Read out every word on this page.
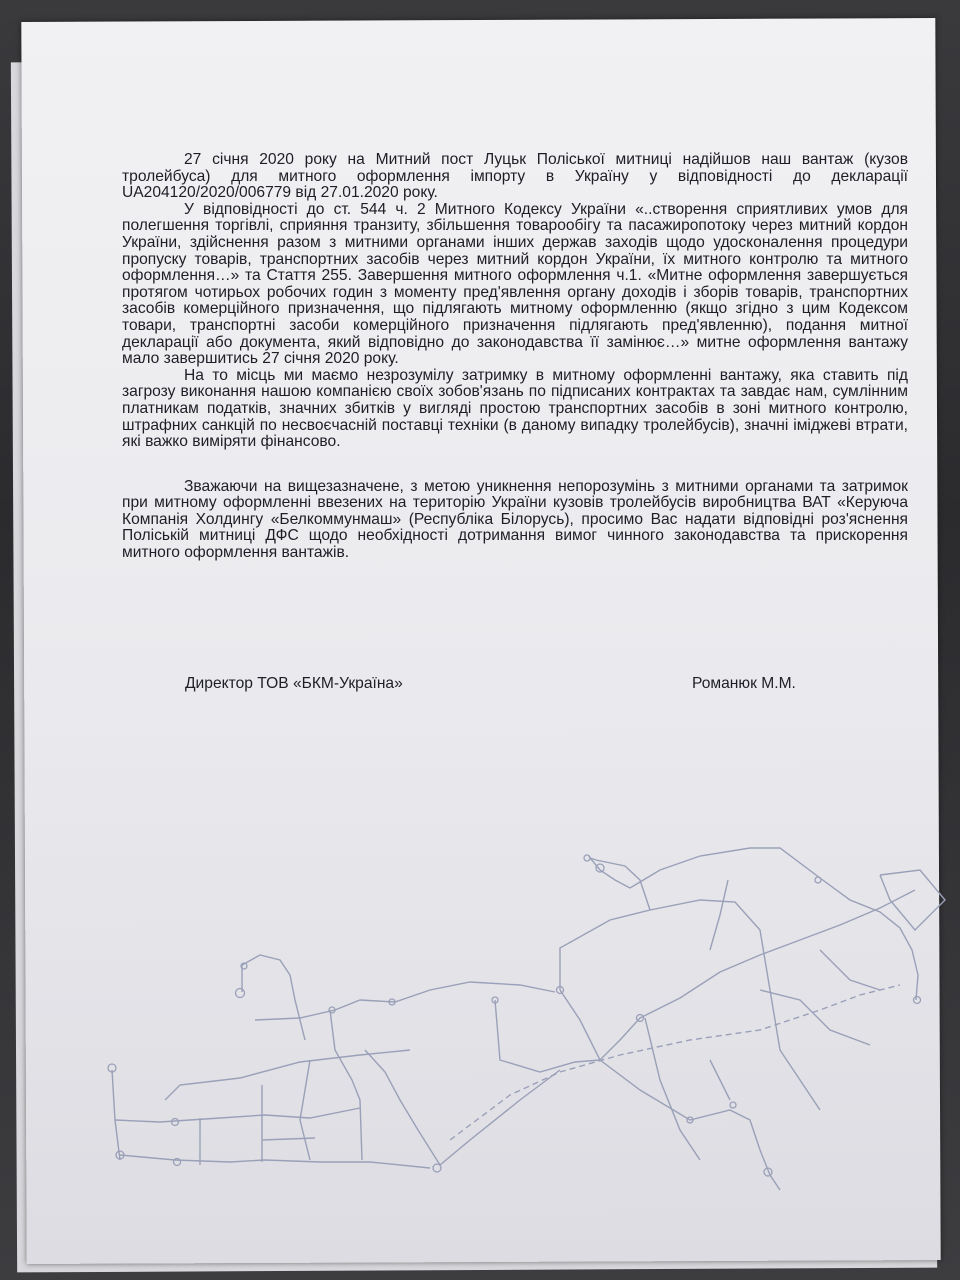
27 січня 2020 року на Митний пост Луцьк Поліської митниці надійшов наш вантаж (кузов тролейбуса) для митного оформлення імпорту в Україну у відповідності до декларації UA204120/2020/006779 від 27.01.2020 року.

У відповідності до ст. 544 ч. 2 Митного Кодексу України «..створення сприятливих умов для полегшення торгівлі, сприяння транзиту, збільшення товарообігу та пасажиропотоку через митний кордон України, здійснення разом з митними органами інших держав заходів щодо удосконалення процедури пропуску товарів, транспортних засобів через митний кордон України, їх митного контролю та митного оформлення…» та Стаття 255. Завершення митного оформлення ч.1. «Митне оформлення завершується протягом чотирьох робочих годин з моменту пред'явлення органу доходів і зборів товарів, транспортних засобів комерційного призначення, що підлягають митному оформленню (якщо згідно з цим Кодексом товари, транспортні засоби комерційного призначення підлягають пред'явленню), подання митної декларації або документа, який відповідно до законодавства її замінює…» митне оформлення вантажу мало завершитись 27 січня 2020 року.

На то місць ми маємо незрозумілу затримку в митному оформленні вантажу, яка ставить під загрозу виконання нашою компанією своїх зобов'язань по підписаних контрактах та завдає нам, сумлінним платникам податків, значних збитків у вигляді простою транспортних засобів в зоні митного контролю, штрафних санкцій по несвоєчасній поставці техніки (в даному випадку тролейбусів), значні іміджеві втрати, які важко виміряти фінансово.

Зважаючи на вищезазначене, з метою уникнення непорозумінь з митними органами та затримок при митному оформленні ввезених на територію України кузовів тролейбусів виробництва ВАТ «Керуюча Компанія Холдингу «Белкоммунмаш» (Республіка Білорусь), просимо Вас надати відповідні роз'яснення Поліській митниці ДФС щодо необхідності дотримання вимог чинного законодавства та прискорення митного оформлення вантажів.

Директор ТОВ «БКМ-Україна»	Романюк М.М.
